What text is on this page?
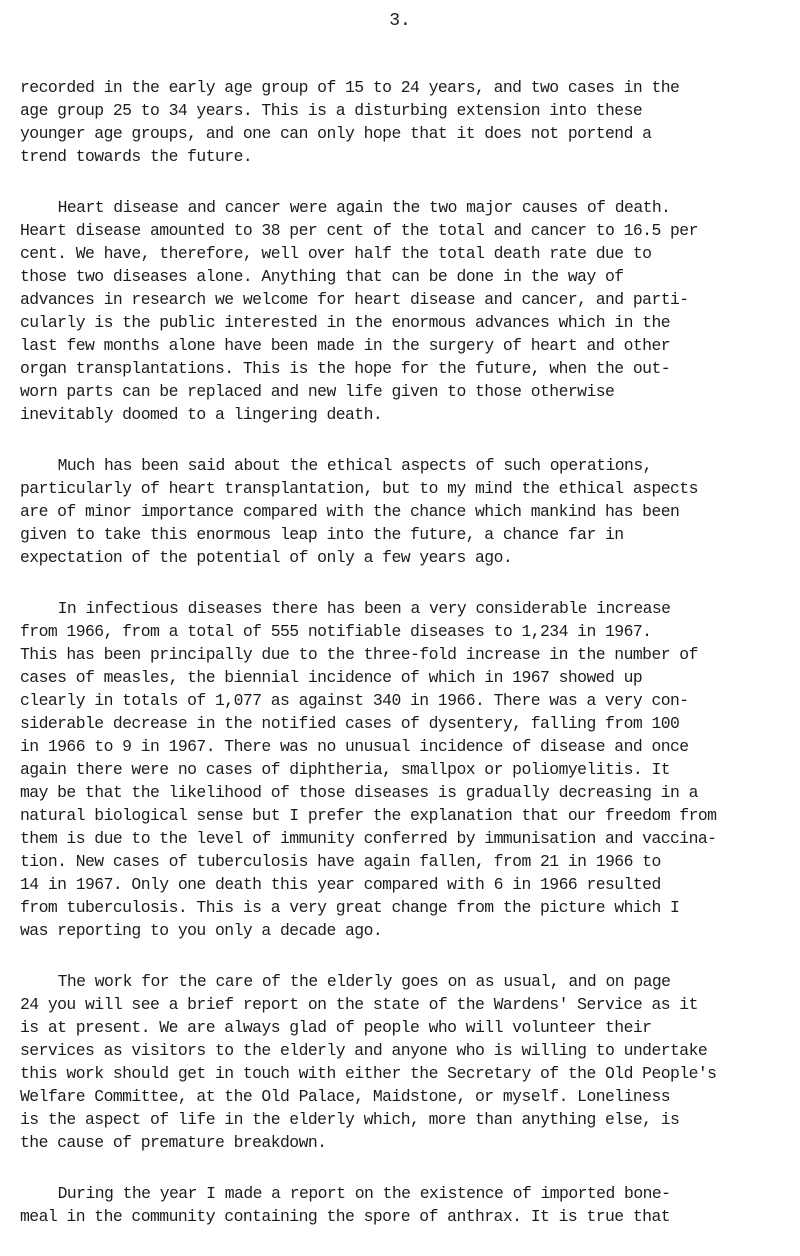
3.
recorded in the early age group of 15 to 24 years, and two cases in the
age group 25 to 34 years. This is a disturbing extension into these
younger age groups, and one can only hope that it does not portend a
trend towards the future.
Heart disease and cancer were again the two major causes of death.
Heart disease amounted to 38 per cent of the total and cancer to 16.5 per
cent. We have, therefore, well over half the total death rate due to
those two diseases alone. Anything that can be done in the way of
advances in research we welcome for heart disease and cancer, and parti-
cularly is the public interested in the enormous advances which in the
last few months alone have been made in the surgery of heart and other
organ transplantations. This is the hope for the future, when the out-
worn parts can be replaced and new life given to those otherwise
inevitably doomed to a lingering death.
Much has been said about the ethical aspects of such operations,
particularly of heart transplantation, but to my mind the ethical aspects
are of minor importance compared with the chance which mankind has been
given to take this enormous leap into the future, a chance far in
expectation of the potential of only a few years ago.
In infectious diseases there has been a very considerable increase
from 1966, from a total of 555 notifiable diseases to 1,234 in 1967.
This has been principally due to the three-fold increase in the number of
cases of measles, the biennial incidence of which in 1967 showed up
clearly in totals of 1,077 as against 340 in 1966. There was a very con-
siderable decrease in the notified cases of dysentery, falling from 100
in 1966 to 9 in 1967. There was no unusual incidence of disease and once
again there were no cases of diphtheria, smallpox or poliomyelitis. It
may be that the likelihood of those diseases is gradually decreasing in a
natural biological sense but I prefer the explanation that our freedom from
them is due to the level of immunity conferred by immunisation and vaccina-
tion. New cases of tuberculosis have again fallen, from 21 in 1966 to
14 in 1967. Only one death this year compared with 6 in 1966 resulted
from tuberculosis. This is a very great change from the picture which I
was reporting to you only a decade ago.
The work for the care of the elderly goes on as usual, and on page
24 you will see a brief report on the state of the Wardens' Service as it
is at present. We are always glad of people who will volunteer their
services as visitors to the elderly and anyone who is willing to undertake
this work should get in touch with either the Secretary of the Old People's
Welfare Committee, at the Old Palace, Maidstone, or myself. Loneliness
is the aspect of life in the elderly which, more than anything else, is
the cause of premature breakdown.
During the year I made a report on the existence of imported bone-
meal in the community containing the spore of anthrax. It is true that
